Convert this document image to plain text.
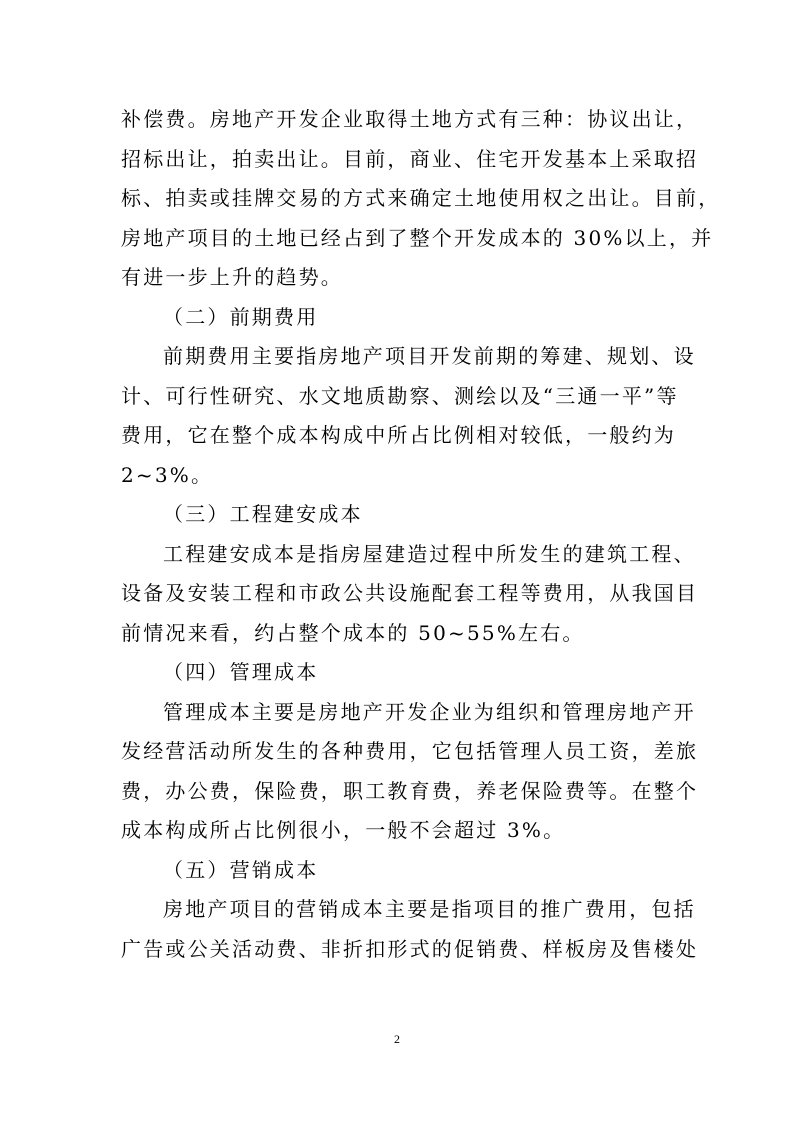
补偿费。房地产开发企业取得土地方式有三种：协议出让，
招标出让，拍卖出让。目前，商业、住宅开发基本上采取招
标、拍卖或挂牌交易的方式来确定土地使用权之出让。目前，
房地产项目的土地已经占到了整个开发成本的 30%以上，并
有进一步上升的趋势。
（二）前期费用
前期费用主要指房地产项目开发前期的筹建、规划、设
计、可行性研究、水文地质勘察、测绘以及“三通一平”等
费用，它在整个成本构成中所占比例相对较低，一般约为
2~3%。
（三）工程建安成本
工程建安成本是指房屋建造过程中所发生的建筑工程、
设备及安装工程和市政公共设施配套工程等费用，从我国目
前情况来看，约占整个成本的 50~55%左右。
（四）管理成本
管理成本主要是房地产开发企业为组织和管理房地产开
发经营活动所发生的各种费用，它包括管理人员工资，差旅
费，办公费，保险费，职工教育费，养老保险费等。在整个
成本构成所占比例很小，一般不会超过 3%。
（五）营销成本
房地产项目的营销成本主要是指项目的推广费用，包括
广告或公关活动费、非折扣形式的促销费、样板房及售楼处
2
